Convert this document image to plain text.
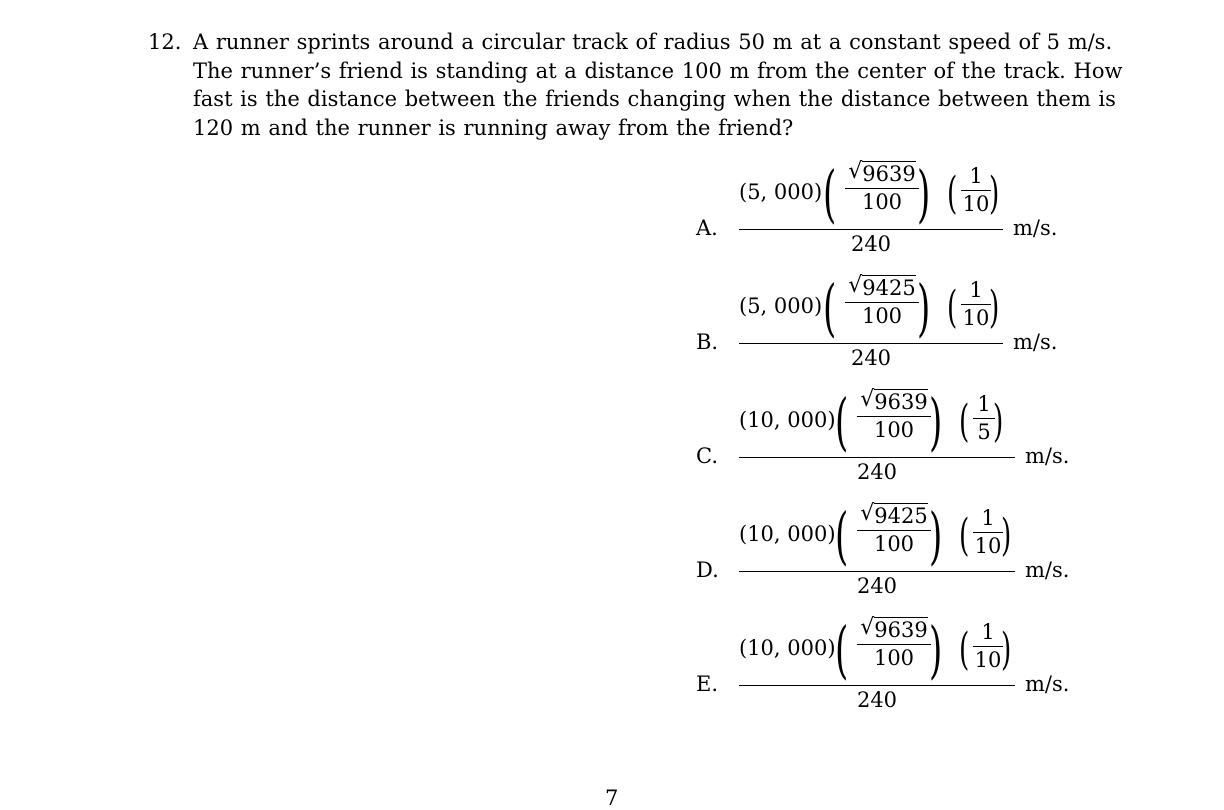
12. A runner sprints around a circular track of radius 50 m at a constant speed of 5 m/s.
The runner’s friend is standing at a distance 100 m from the center of the track. How
fast is the distance between the friends changing when the distance between them is
120 m and the runner is running away from the friend?
A.
(5, 000) ( √ 9639
100 ) ( 1
10 )
240
m/s.
B.
(5, 000) ( √ 9425
100 ) ( 1
10 )
240
m/s.
C.
(10, 000) ( √ 9639
100 ) ( 1
5 )
240
m/s.
D.
(10, 000) ( √ 9425
100 ) ( 1
10 )
240
m/s.
E.
(10, 000) ( √ 9639
100 ) ( 1
10 )
240
m/s.
7
